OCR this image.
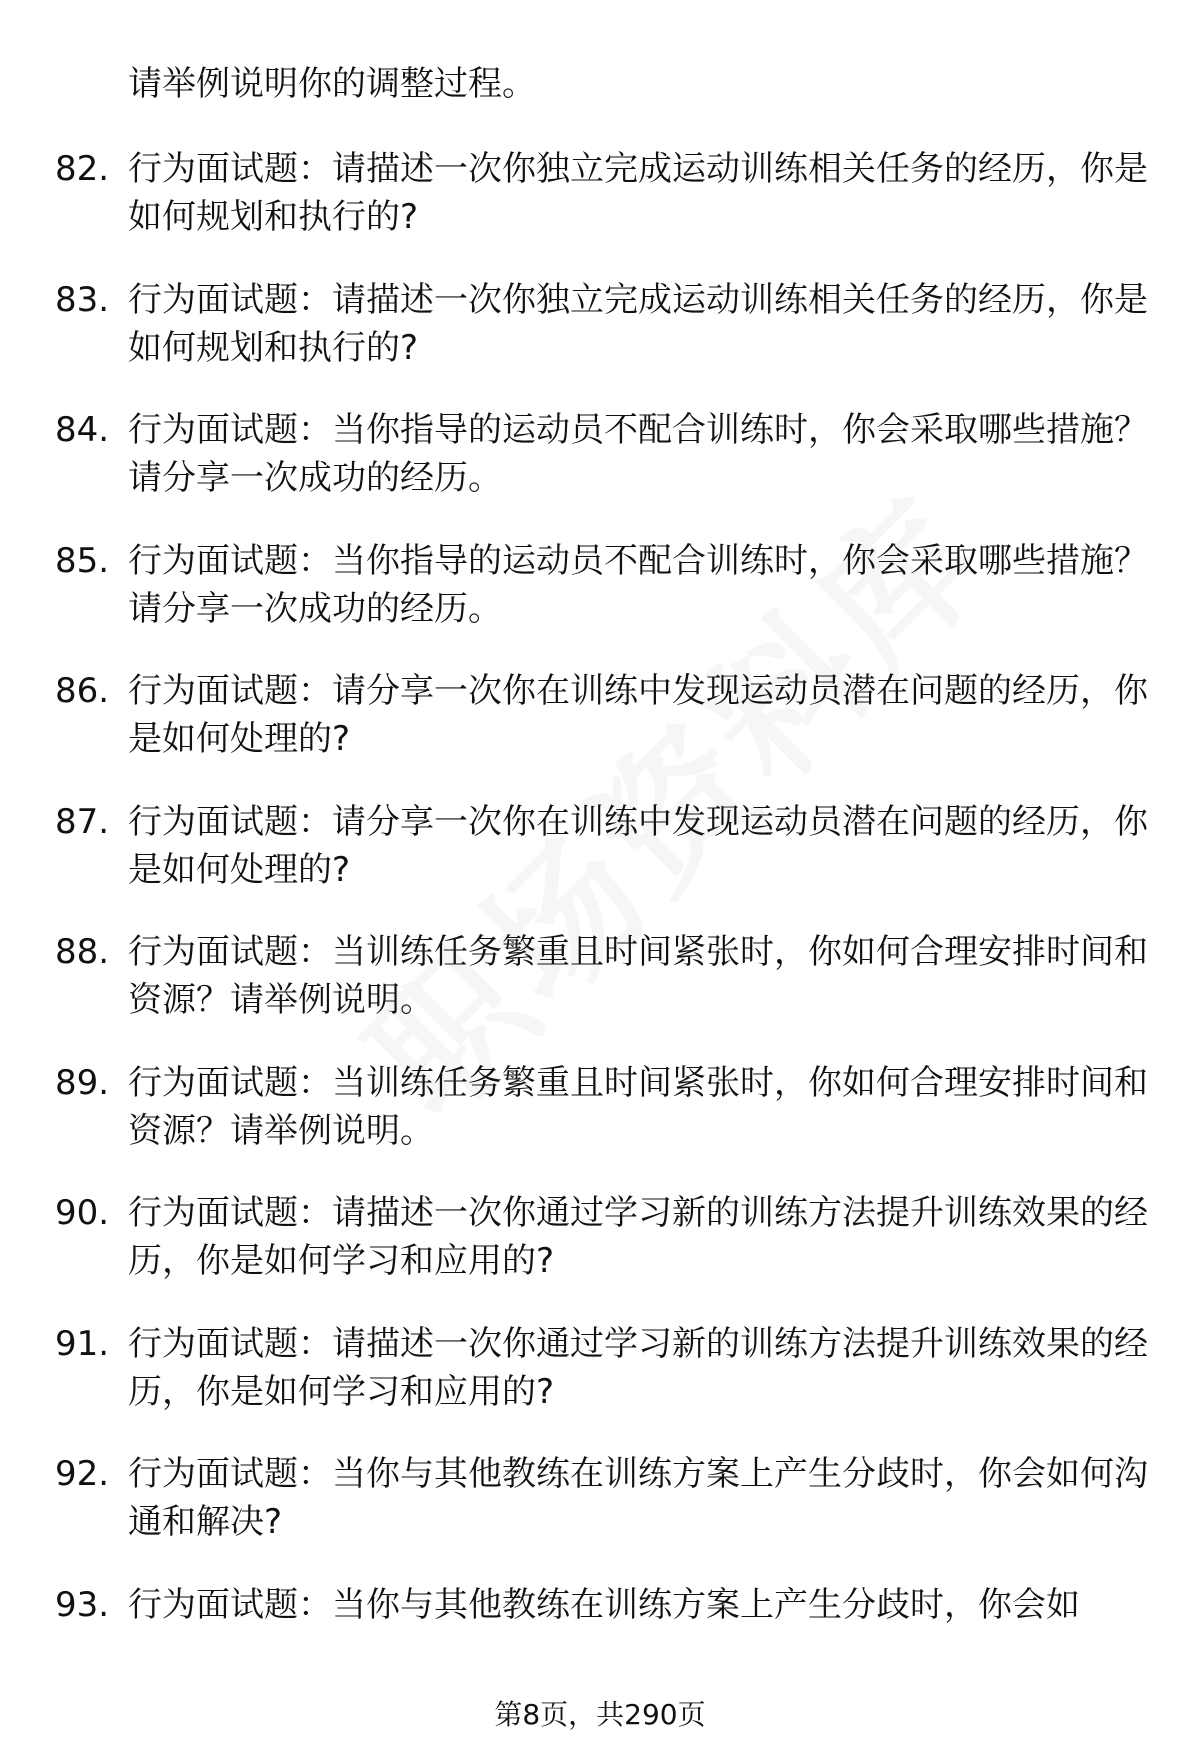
请举例说明你的调整过程。
82. 行为面试题：请描述一次你独立完成运动训练相关任务的经历，你是如何规划和执行的?
83. 行为面试题：请描述一次你独立完成运动训练相关任务的经历，你是如何规划和执行的?
84. 行为面试题：当你指导的运动员不配合训练时，你会采取哪些措施？请分享一次成功的经历。
85. 行为面试题：当你指导的运动员不配合训练时，你会采取哪些措施？请分享一次成功的经历。
86. 行为面试题：请分享一次你在训练中发现运动员潜在问题的经历，你是如何处理的?
87. 行为面试题：请分享一次你在训练中发现运动员潜在问题的经历，你是如何处理的?
88. 行为面试题：当训练任务繁重且时间紧张时，你如何合理安排时间和资源？请举例说明。
89. 行为面试题：当训练任务繁重且时间紧张时，你如何合理安排时间和资源？请举例说明。
90. 行为面试题：请描述一次你通过学习新的训练方法提升训练效果的经历，你是如何学习和应用的?
91. 行为面试题：请描述一次你通过学习新的训练方法提升训练效果的经历，你是如何学习和应用的?
92. 行为面试题：当你与其他教练在训练方案上产生分歧时，你会如何沟通和解决?
93. 行为面试题：当你与其他教练在训练方案上产生分歧时，你会如
第8页，共290页
